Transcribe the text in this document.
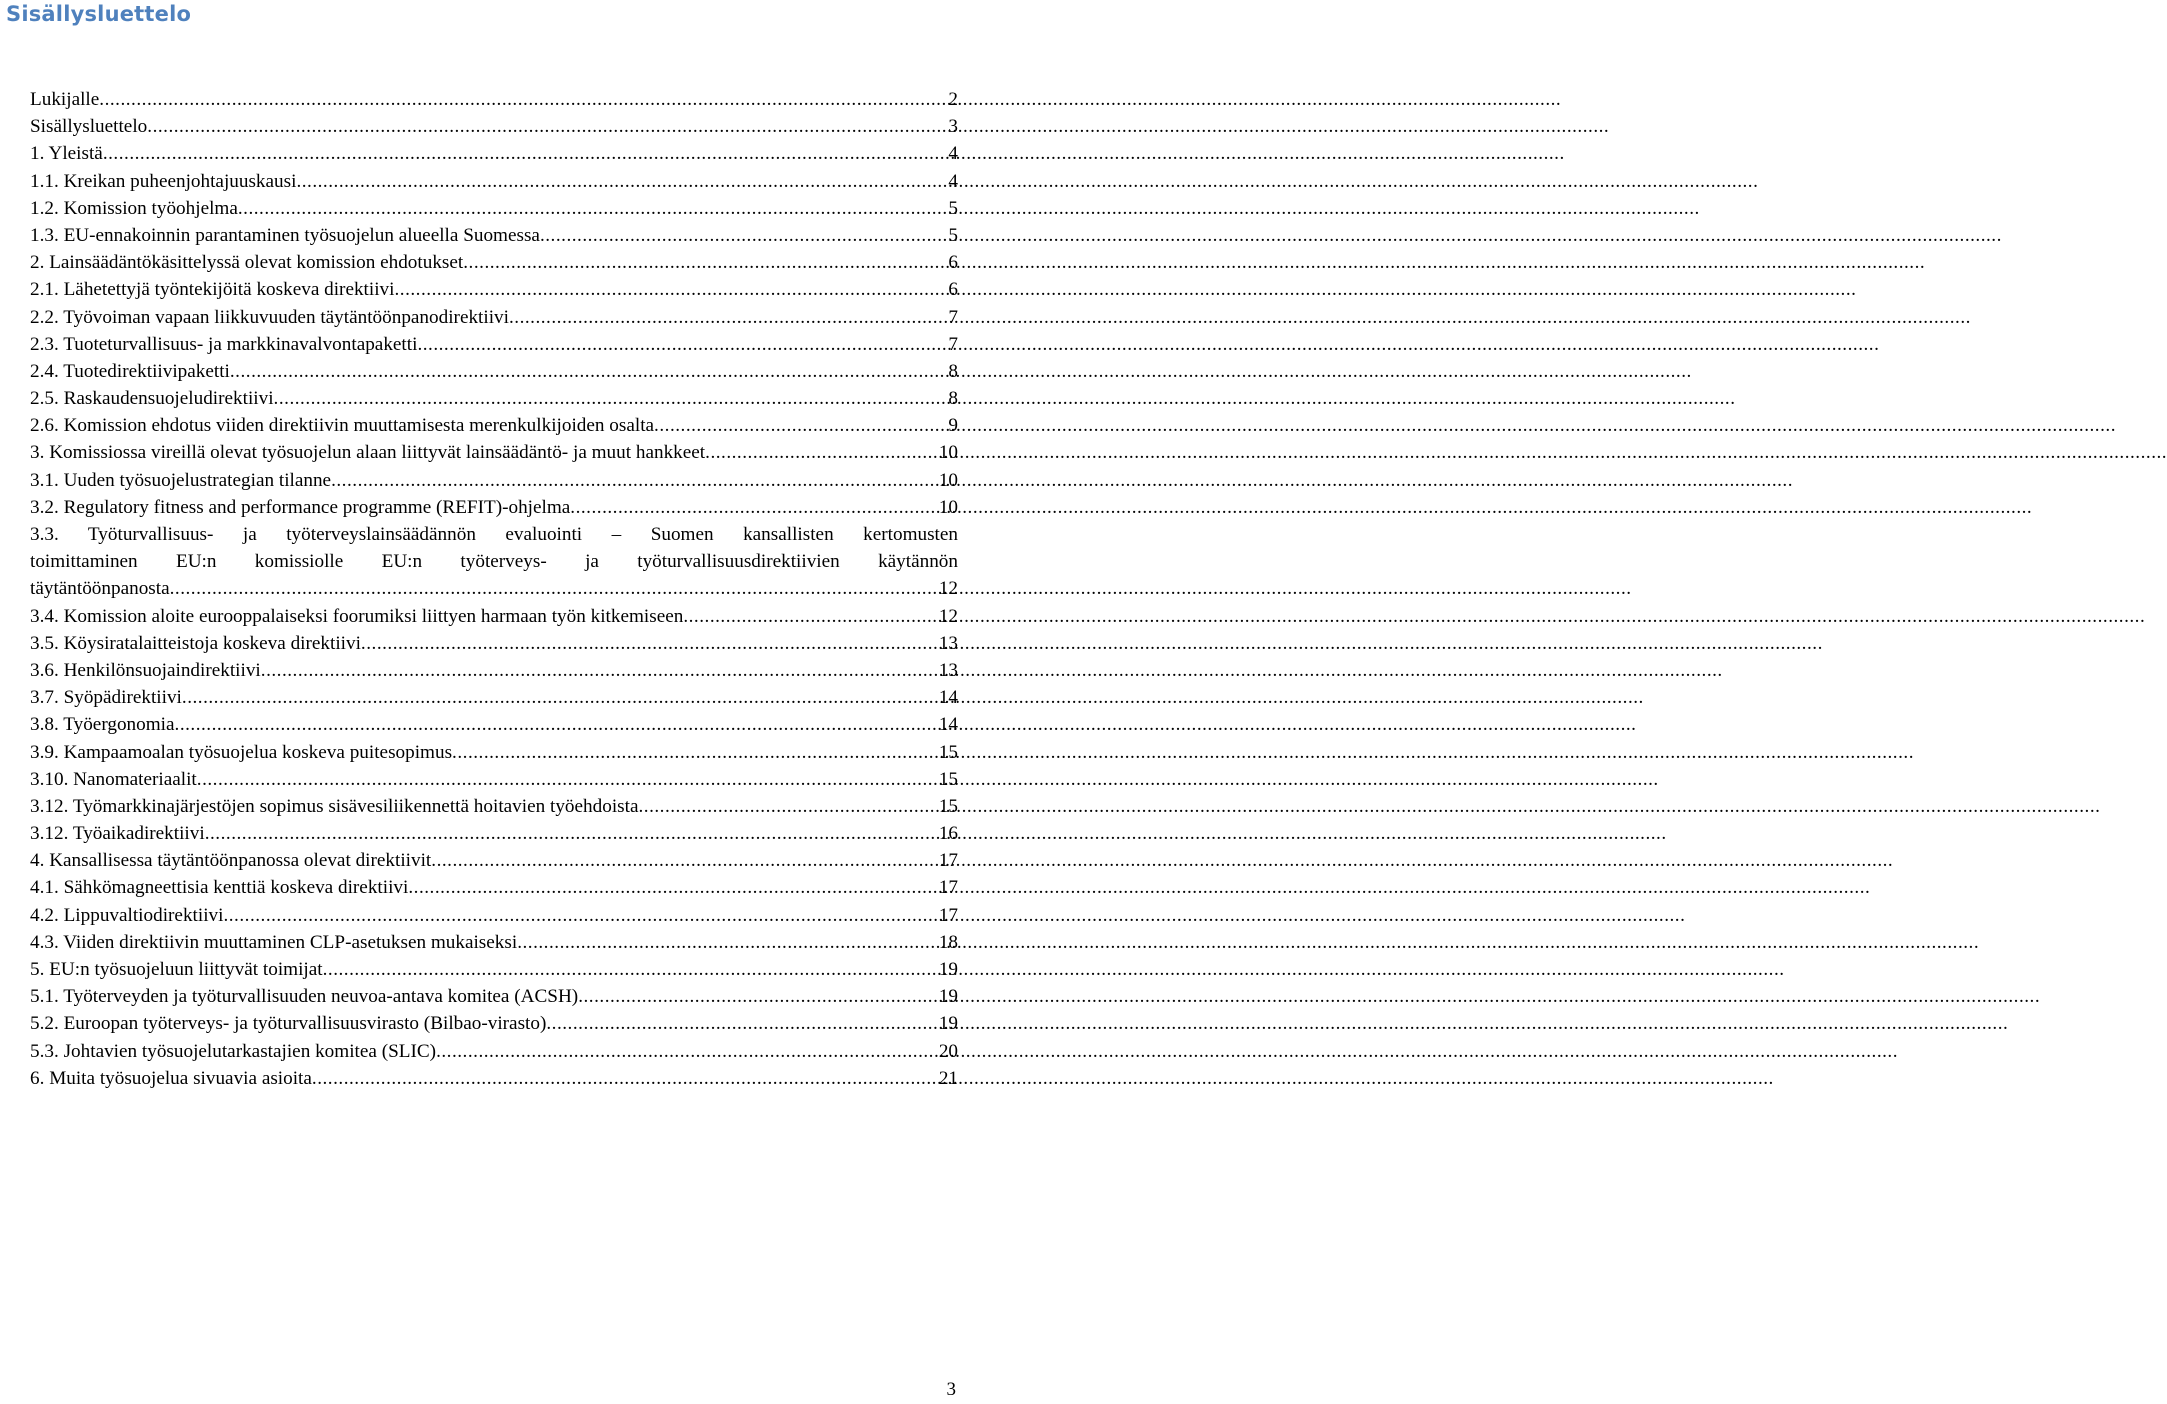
Sisällysluettelo
Lukijalle .....	2
Sisällysluettelo .....	3
1. Yleistä .....	4
1.1. Kreikan puheenjohtajuuskausi .....	4
1.2. Komission työohjelma .....	5
1.3. EU-ennakoinnin parantaminen työsuojelun alueella Suomessa .....	5
2. Lainsäädäntökäsittelyssä olevat komission ehdotukset .....	6
2.1. Lähetettyjä työntekijöitä koskeva direktiivi .....	6
2.2. Työvoiman vapaan liikkuvuuden täytäntöönpanodirektiivi .....	7
2.3. Tuoteturvallisuus- ja markkinavalvontapaketti .....	7
2.4. Tuotedirektiivipaketti .....	8
2.5. Raskaudensuojeludirektiivi .....	8
2.6. Komission ehdotus viiden direktiivin muuttamisesta merenkulkijoiden osalta .....	9
3. Komissiossa vireillä olevat työsuojelun alaan liittyvät lainsäädäntö- ja muut hankkeet .....	10
3.1. Uuden työsuojelustrategian tilanne .....	10
3.2. Regulatory fitness and performance programme (REFIT)-ohjelma .....	10
3.3. Työturvallisuus- ja työterveyslainsäädännön evaluointi – Suomen kansallisten kertomusten
toimittaminen EU:n komissiolle EU:n työterveys- ja työturvallisuusdirektiivien käytännön
täytäntöönpanosta .....	12
3.4. Komission aloite eurooppalaiseksi foorumiksi liittyen harmaan työn kitkemiseen .....	12
3.5. Köysiratalaitteistoja koskeva direktiivi .....	13
3.6. Henkilönsuojaindirektiivi .....	13
3.7. Syöpädirektiivi .....	14
3.8. Työergonomia .....	14
3.9. Kampaamoalan työsuojelua koskeva puitesopimus .....	15
3.10. Nanomateriaalit .....	15
3.12. Työmarkkinajärjestöjen sopimus sisävesiliikennettä hoitavien työehdoista .....	15
3.12. Työaikadirektiivi .....	16
4. Kansallisessa täytäntöönpanossa olevat direktiivit .....	17
4.1. Sähkömagneettisia kenttiä koskeva direktiivi .....	17
4.2. Lippuvaltiodirektiivi .....	17
4.3. Viiden direktiivin muuttaminen CLP-asetuksen mukaiseksi .....	18
5. EU:n työsuojeluun liittyvät toimijat .....	19
5.1. Työterveyden ja työturvallisuuden neuvoa-antava komitea (ACSH) .....	19
5.2. Euroopan työterveys- ja työturvallisuusvirasto (Bilbao-virasto) .....	19
5.3. Johtavien työsuojelutarkastajien komitea (SLIC) .....	20
6. Muita työsuojelua sivuavia asioita .....	21
3
